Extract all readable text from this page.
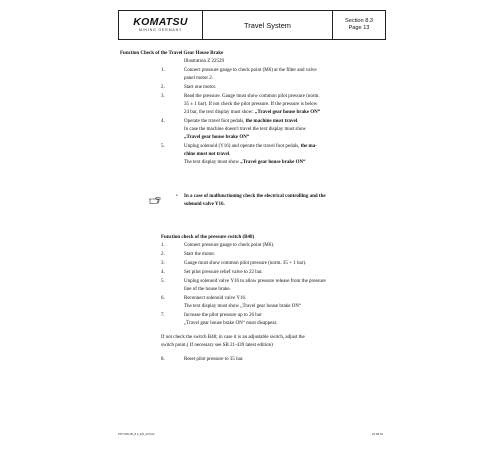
KOMATSU
MINING GERMANY
Travel System	Section 8.3
Page 13
Function Check of the Travel Gear House Brake
Illustration Z 22529
1.	Connect pressure gauge to check point (M6) at the filter and valve
panel motor 2.
2.	Start one motor.
3.	Read the pressure. Gauge must show common pilot pressure (norm.
35 ± 1 bar). If not check the pilot pressure. If the pressure is below
24 bar, the text display must show: „Travel gear house brake ON“
4.	Operate the travel foot pedals, the machine must travel.
In case the machine doesn't travel the text display must show
„Travel gear house brake ON“
5.	Unplug solenoid (Y16) and operate the travel foot pedals, the ma-
chine must not travel.
The text display must show „Travel gear house brake ON“
• In a case of malfunctioning check the electrical controlling and the
solenoid valve Y16.
Function check of the pressure switch (B48)
1.	Connect pressure gauge to check point (M6).
2.	Start the motor.
3.	Gauge must show common pilot pressure (norm. 35 + 1 bar).
4.	Set pilot pressure relief valve to 22 bar.
5.	Unplug solenoid valve Y16 to allow pressure release from the pressure
line of the house brake.
6.	Reconnect solenoid valve Y16.
The text display must show „Travel gear house brake ON“
7.	Increase the pilot pressure up to 26 bar
„Travel gear house brake ON“ must disappear.
If not check the switch B48; in case it is an adjustable switch, adjust the
switch point.( If necessary see SB 21-439 latest edition)
8.	Reset pilot pressure to 35 bar.
PPY-530-08_8.3_EN_A23.00	24.08.02
